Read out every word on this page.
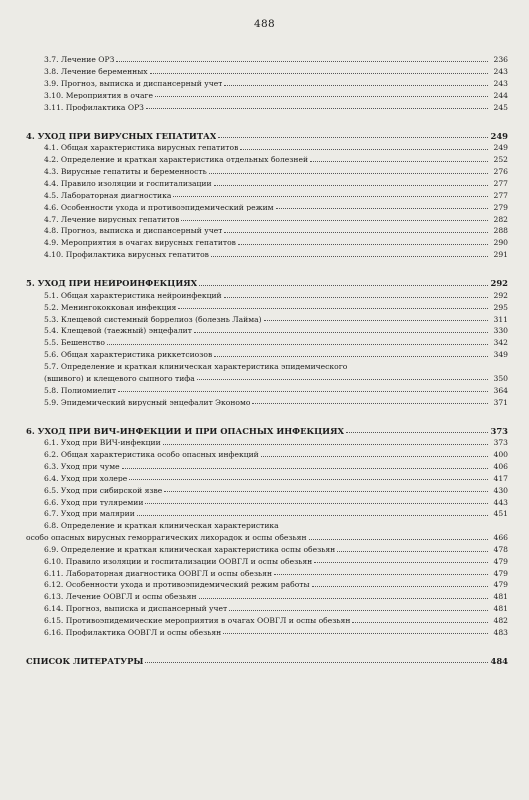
488
3.7. Лечение ОРЗ	236
3.8. Лечение беременных	243
3.9. Прогноз, выписка и диспансерный учет	243
3.10. Мероприятия в очаге	244
3.11. Профилактика ОРЗ	245
4. УХОД ПРИ ВИРУСНЫХ ГЕПАТИТАХ	249
4.1. Общая характеристика вирусных гепатитов	249
4.2. Определение и краткая характеристика отдельных болезней	252
4.3. Вирусные гепатиты и беременность	276
4.4. Правило изоляции и госпитализации	277
4.5. Лабораторная диагностика	277
4.6. Особенности ухода и противоэпидемический режим	279
4.7. Лечение вирусных гепатитов	282
4.8. Прогноз, выписка и диспансерный учет	288
4.9. Мероприятия в очагах вирусных гепатитов	290
4.10. Профилактика вирусных гепатитов	291
5. УХОД ПРИ НЕЙРОИНФЕКЦИЯХ	292
5.1. Общая характеристика нейроинфекций	292
5.2. Менингококковая инфекция	295
5.3. Клещевой системный боррелиоз (болезнь Лайма)	311
5.4. Клещевой (таежный) энцефалит	330
5.5. Бешенство	342
5.6. Общая характеристика риккетсиозов	349
5.7. Определение и краткая клиническая характеристика эпидемического
(вшивого) и клещевого сыпного тифа	350
5.8. Полиомиелит	364
5.9. Эпидемический вирусный энцефалит Экономо	371
6. УХОД ПРИ ВИЧ-ИНФЕКЦИИ И ПРИ ОПАСНЫХ ИНФЕКЦИЯХ	373
6.1. Уход при ВИЧ-инфекции	373
6.2. Общая характеристика особо опасных инфекций	400
6.3. Уход при чуме	406
6.4. Уход при холере	417
6.5. Уход при сибирской язве	430
6.6. Уход при туляремии	443
6.7. Уход при малярии	451
6.8. Определение и краткая клиническая характеристика
особо опасных вирусных геморрагических лихорадок и оспы обезьян	466
6.9. Определение и краткая клиническая характеристика оспы обезьян	478
6.10. Правило изоляции и госпитализации ООВГЛ и оспы обезьян	479
6.11. Лабораторная диагностика ООВГЛ и оспы обезьян	479
6.12. Особенности ухода и противоэпидемический режим работы	479
6.13. Лечение ООВГЛ и оспы обезьян	481
6.14. Прогноз, выписка и диспансерный учет	481
6.15. Противоэпидемические мероприятия в очагах ООВГЛ и оспы обезьян	482
6.16. Профилактика ООВГЛ и оспы обезьян	483
СПИСОК ЛИТЕРАТУРЫ	484
